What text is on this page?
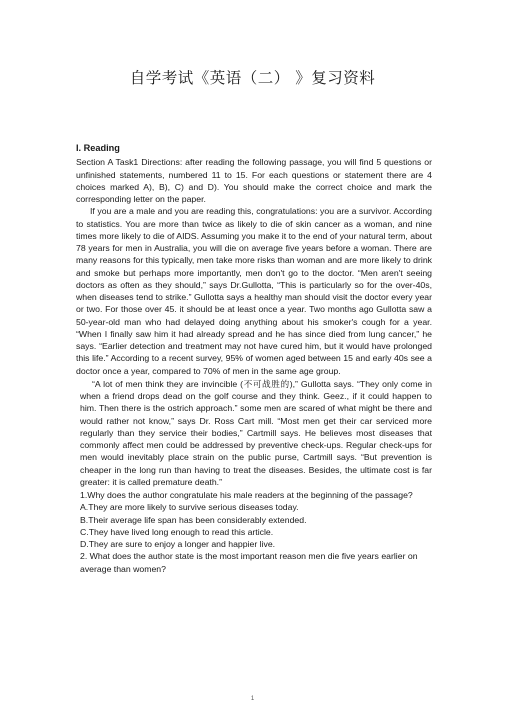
自学考试《英语（二） 》复习资料

I. Reading

Section A Task1 Directions: after reading the following passage, you will find 5 questions or unfinished statements, numbered 11 to 15. For each questions or statement there are 4 choices marked A), B), C) and D). You should make the correct choice and mark the corresponding letter on the paper.

If you are a male and you are reading this, congratulations: you are a survivor. According to statistics. You are more than twice as likely to die of skin cancer as a woman, and nine times more likely to die of AIDS. Assuming you make it to the end of your natural term, about 78 years for men in Australia, you will die on average five years before a woman. There are many reasons for this typically, men take more risks than woman and are more likely to drink and smoke but perhaps more importantly, men don't go to the doctor. “Men aren't seeing doctors as often as they should,” says Dr.Gullotta, “This is particularly so for the over-40s, when diseases tend to strike.” Gullotta says a healthy man should visit the doctor every year or two. For those over 45. it should be at least once a year. Two months ago Gullotta saw a 50-year-old man who had delayed doing anything about his smoker's cough for a year. “When I finally saw him it had already spread and he has since died from lung cancer,” he says. “Earlier detection and treatment may not have cured him, but it would have prolonged this life.” According to a recent survey, 95% of women aged between 15 and early 40s see a doctor once a year, compared to 70% of men in the same age group.

“A lot of men think they are invincible (不可战胜的),” Gullotta says. “They only come in when a friend drops dead on the golf course and they think. Geez., if it could happen to him. Then there is the ostrich approach.” some men are scared of what might be there and would rather not know,” says Dr. Ross Cart mill. “Most men get their car serviced more regularly than they service their bodies,” Cartmill says. He believes most diseases that commonly affect men could be addressed by preventive check-ups. Regular check-ups for men would inevitably place strain on the public purse, Cartmill says. “But prevention is cheaper in the long run than having to treat the diseases. Besides, the ultimate cost is far greater: it is called premature death.”

1.Why does the author congratulate his male readers at the beginning of the passage?

A.They are more likely to survive serious diseases today.

B.Their average life span has been considerably extended.

C.They have lived long enough to read this article.

D.They are sure to enjoy a longer and happier live.

2. What does the author state is the most important reason men die five years earlier on average than women?

1
